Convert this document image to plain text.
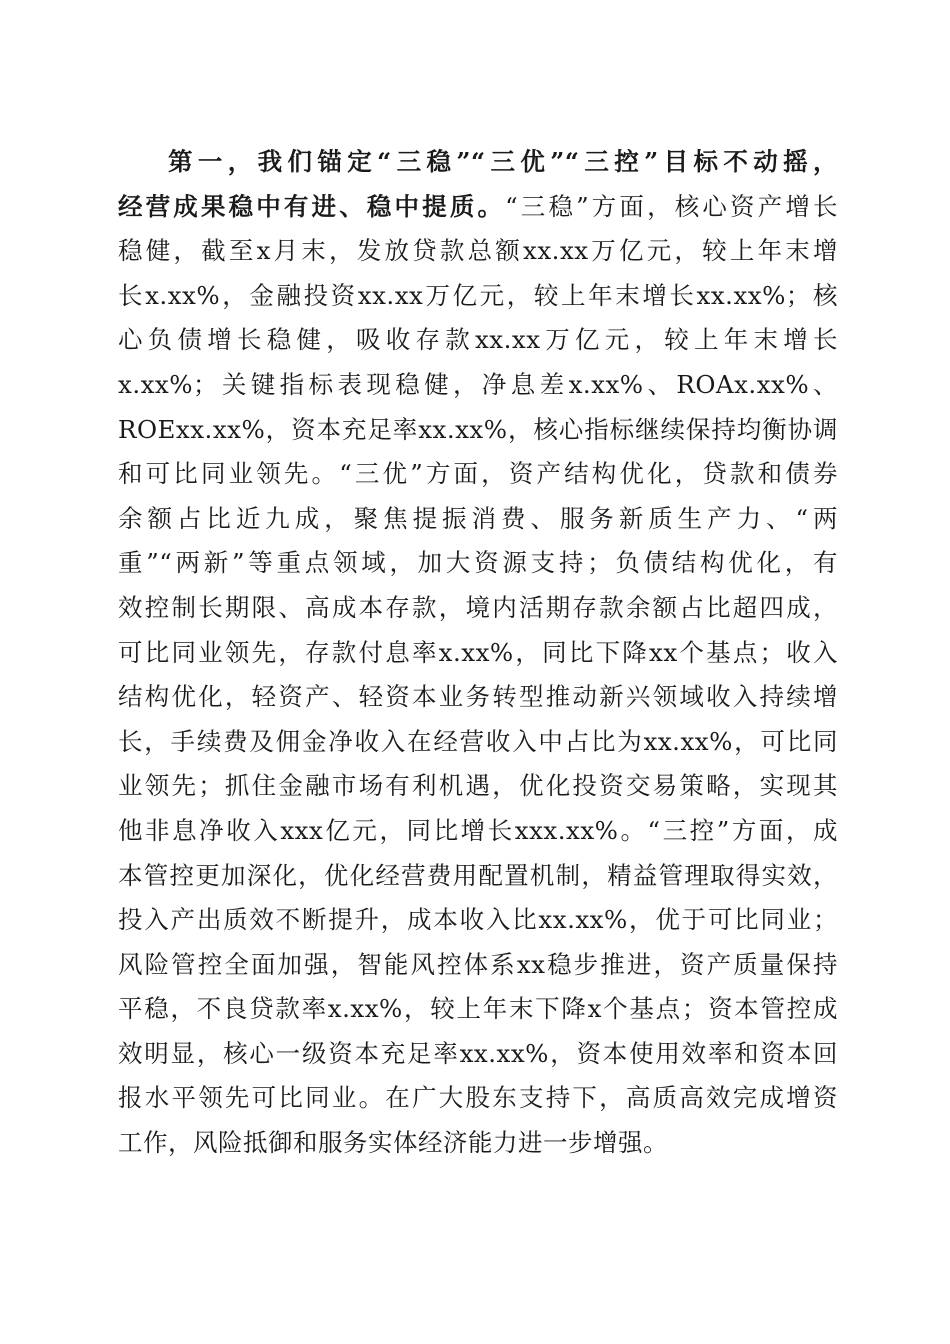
第一，我们锚定“三稳”“三优”“三控”目标不动摇，
经营成果稳中有进、稳中提质。“三稳”方面，核心资产增长
稳健，截至x月末，发放贷款总额xx.xx万亿元，较上年末增
长x.xx%，金融投资xx.xx万亿元，较上年末增长xx.xx%；核
心负债增长稳健，吸收存款xx.xx万亿元，较上年末增长
x.xx%；关键指标表现稳健，净息差x.xx%、ROAx.xx%、
ROExx.xx%，资本充足率xx.xx%，核心指标继续保持均衡协调
和可比同业领先。“三优”方面，资产结构优化，贷款和债券
余额占比近九成，聚焦提振消费、服务新质生产力、“两
重”“两新”等重点领域，加大资源支持；负债结构优化，有
效控制长期限、高成本存款，境内活期存款余额占比超四成，
可比同业领先，存款付息率x.xx%，同比下降xx个基点；收入
结构优化，轻资产、轻资本业务转型推动新兴领域收入持续增
长，手续费及佣金净收入在经营收入中占比为xx.xx%，可比同
业领先；抓住金融市场有利机遇，优化投资交易策略，实现其
他非息净收入xxx亿元，同比增长xxx.xx%。“三控”方面，成
本管控更加深化，优化经营费用配置机制，精益管理取得实效，
投入产出质效不断提升，成本收入比xx.xx%，优于可比同业；
风险管控全面加强，智能风控体系xx稳步推进，资产质量保持
平稳，不良贷款率x.xx%，较上年末下降x个基点；资本管控成
效明显，核心一级资本充足率xx.xx%，资本使用效率和资本回
报水平领先可比同业。在广大股东支持下，高质高效完成增资
工作，风险抵御和服务实体经济能力进一步增强。
